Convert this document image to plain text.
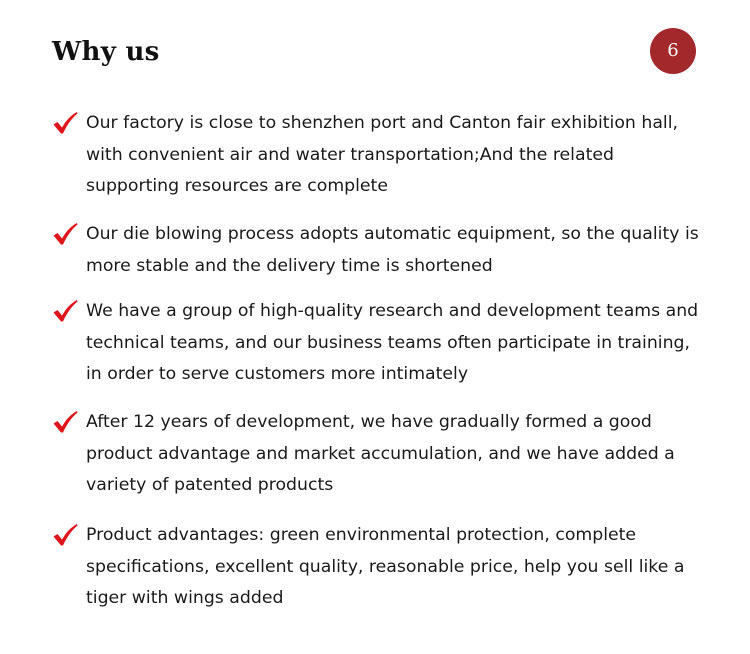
Why us	6
Our factory is close to shenzhen port and Canton fair exhibition hall, with convenient air and water transportation;And the related supporting resources are complete
Our die blowing process adopts automatic equipment, so the quality is more stable and the delivery time is shortened
We have a group of high-quality research and development teams and technical teams, and our business teams often participate in training, in order to serve customers more intimately
After 12 years of development, we have gradually formed a good product advantage and market accumulation, and we have added a variety of patented products
Product advantages: green environmental protection, complete specifications, excellent quality, reasonable price, help you sell like a tiger with wings added
